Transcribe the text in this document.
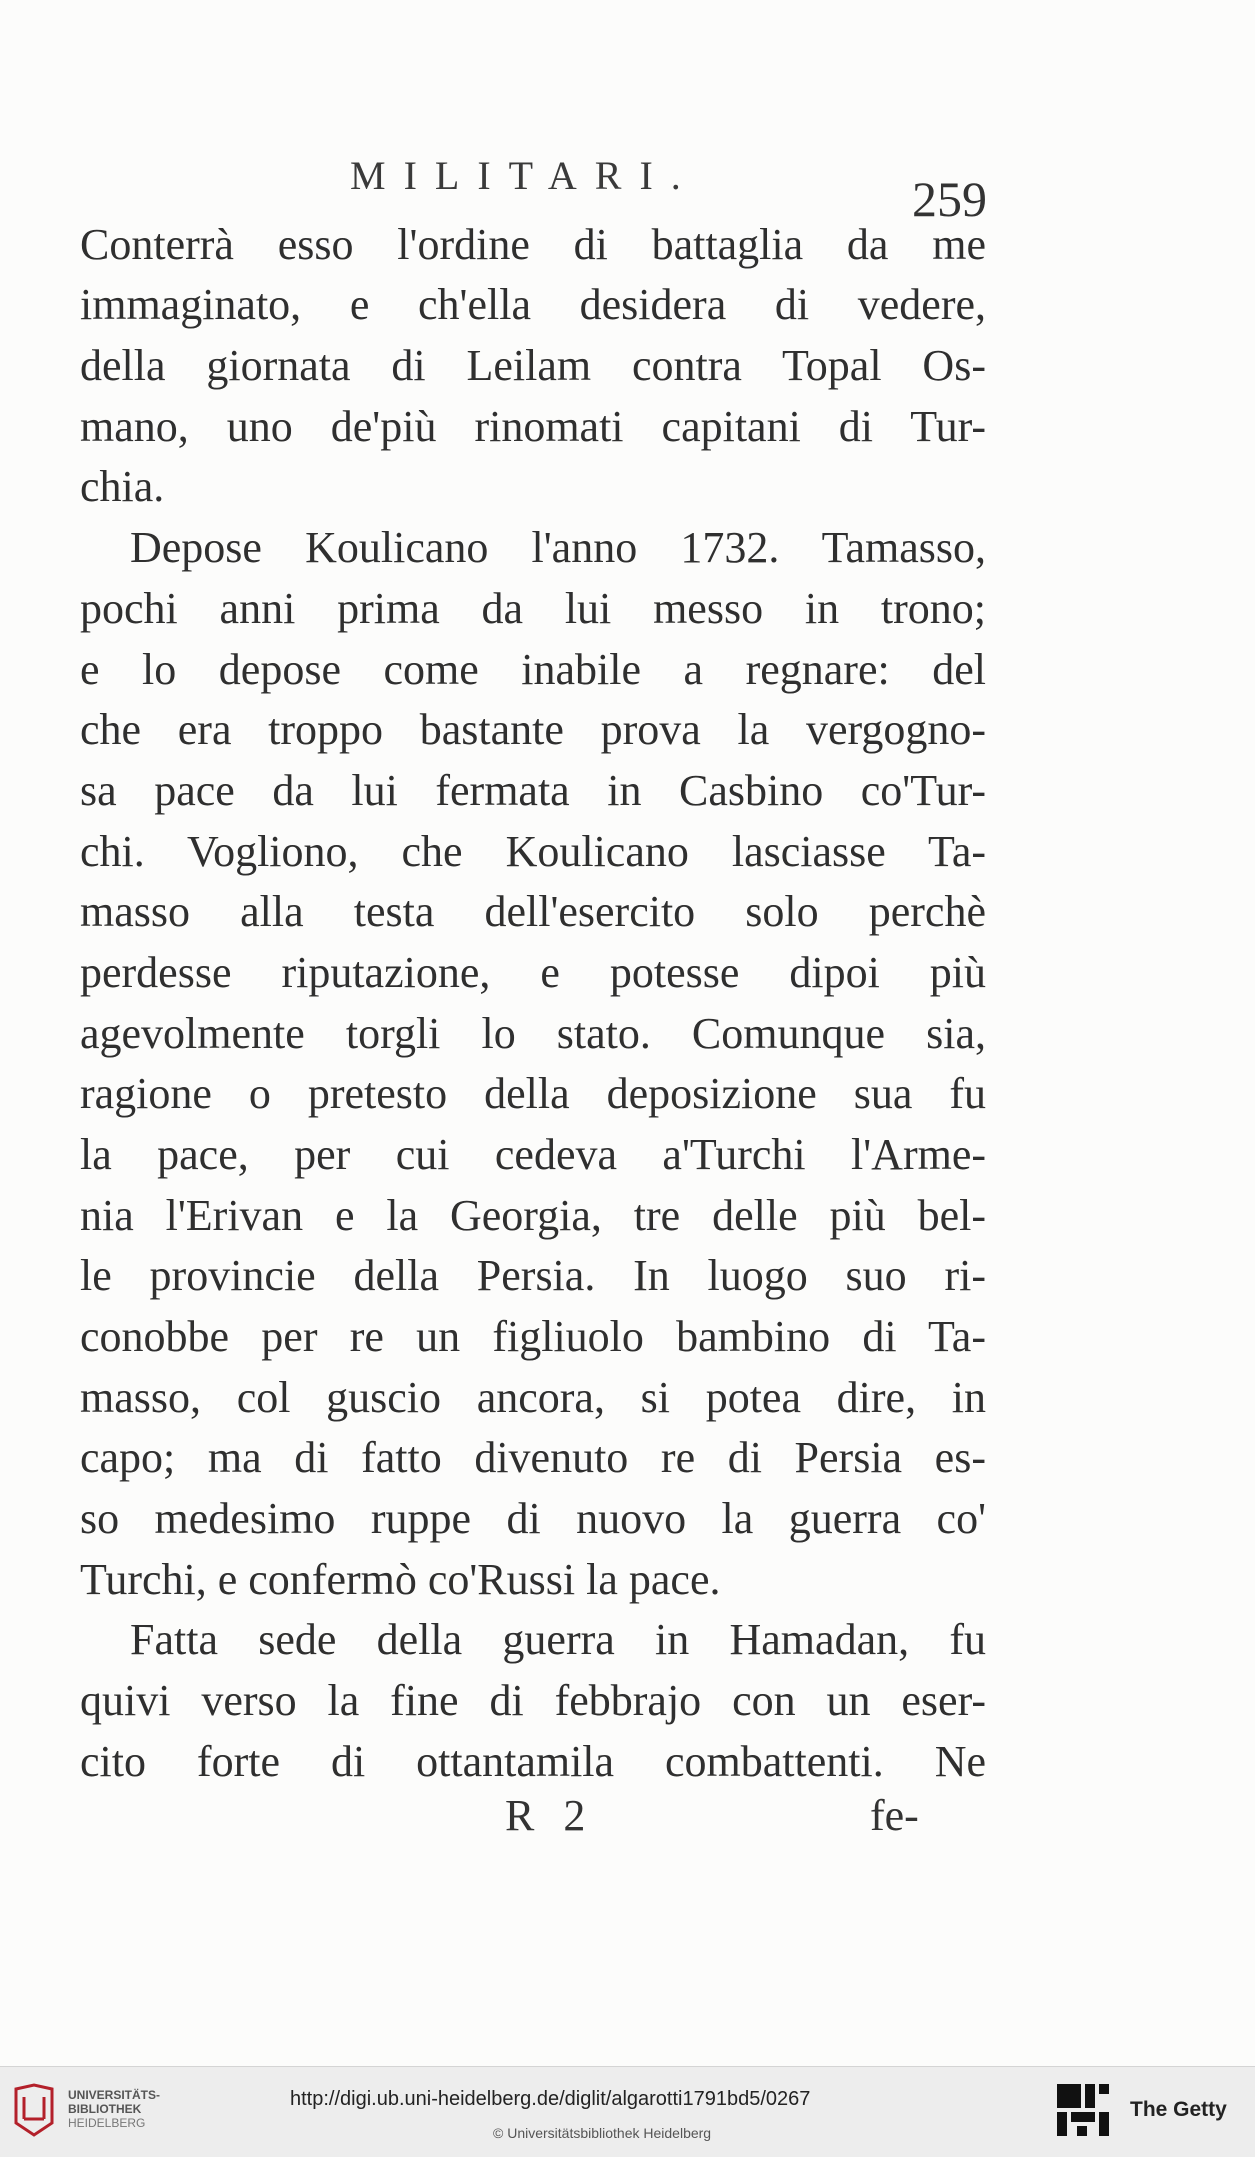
MILITARI.	259
Conterrà esso l'ordine di battaglia da me
immaginato, e ch'ella desidera di vedere,
della giornata di Leilam contra Topal Os-
mano, uno de'più rinomati capitani di Tur-
chia.
Depose Koulicano l'anno 1732. Tamasso,
pochi anni prima da lui messo in trono;
e lo depose come inabile a regnare: del
che era troppo bastante prova la vergogno-
sa pace da lui fermata in Casbino co'Tur-
chi. Vogliono, che Koulicano lasciasse Ta-
masso alla testa dell'esercito solo perchè
perdesse riputazione, e potesse dipoi più
agevolmente torgli lo stato. Comunque sia,
ragione o pretesto della deposizione sua fu
la pace, per cui cedeva a'Turchi l'Arme-
nia l'Erivan e la Georgia, tre delle più bel-
le provincie della Persia. In luogo suo ri-
conobbe per re un figliuolo bambino di Ta-
masso, col guscio ancora, si potea dire, in
capo; ma di fatto divenuto re di Persia es-
so medesimo ruppe di nuovo la guerra co'
Turchi, e confermò co'Russi la pace.
Fatta sede della guerra in Hamadan, fu
quivi verso la fine di febbrajo con un eser-
cito forte di ottantamila combattenti. Ne
R 2	fe-
UNIVERSITÄTS-
BIBLIOTHEK
HEIDELBERG
http://digi.ub.uni-heidelberg.de/diglit/algarotti1791bd5/0267
© Universitätsbibliothek Heidelberg
The Getty
